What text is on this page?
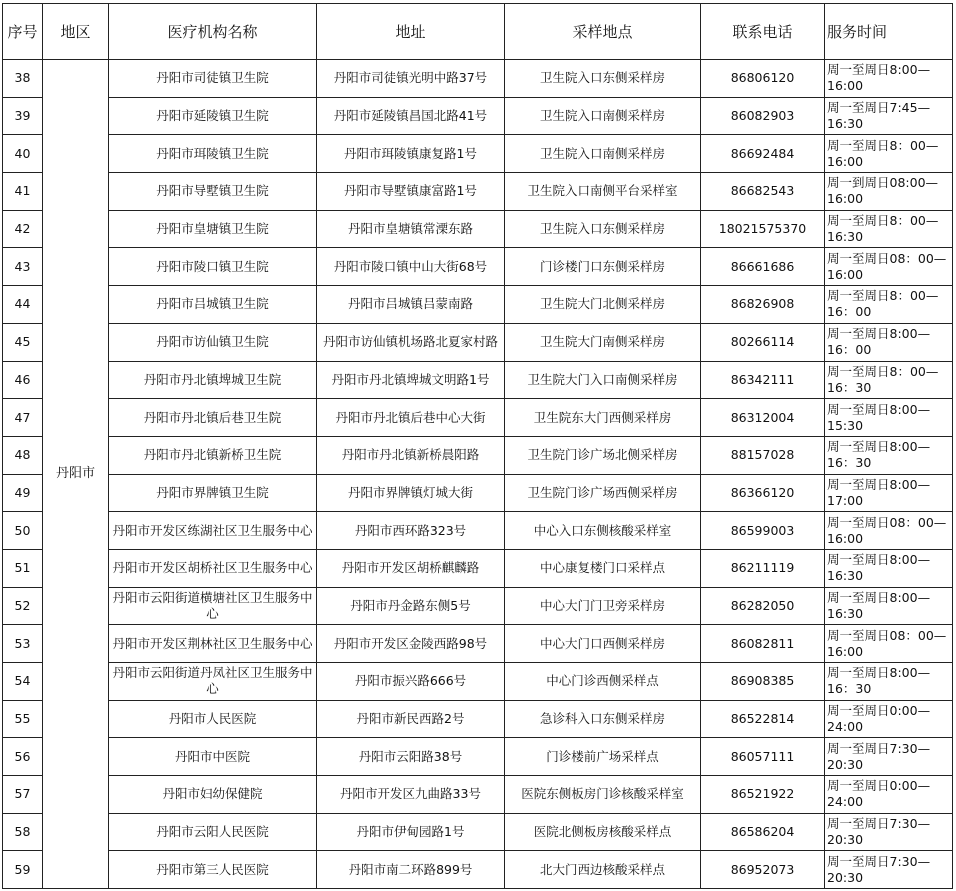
序号	地区	医疗机构名称	地址	采样地点	联系电话	服务时间
38	丹阳市	丹阳市司徒镇卫生院	丹阳市司徒镇光明中路37号	卫生院入口东侧采样房	86806120	周一至周日8:00—16:00
39		丹阳市延陵镇卫生院	丹阳市延陵镇昌国北路41号	卫生院入口南侧采样房	86082903	周一至周日7:45—16:30
40		丹阳市珥陵镇卫生院	丹阳市珥陵镇康复路1号	卫生院入口南侧采样房	86692484	周一至周日8：00—16:00
41		丹阳市导墅镇卫生院	丹阳市导墅镇康富路1号	卫生院入口南侧平台采样室	86682543	周一到周日08:00—16:00
42		丹阳市皇塘镇卫生院	丹阳市皇塘镇常溧东路	卫生院入口东侧采样房	18021575370	周一至周日8：00—16:30
43		丹阳市陵口镇卫生院	丹阳市陵口镇中山大街68号	门诊楼门口东侧采样房	86661686	周一至周日08：00—16:00
44		丹阳市吕城镇卫生院	丹阳市吕城镇吕蒙南路	卫生院大门北侧采样房	86826908	周一至周日8：00—16：00
45		丹阳市访仙镇卫生院	丹阳市访仙镇机场路北夏家村路	卫生院大门南侧采样房	80266114	周一至周日8:00—16：00
46		丹阳市丹北镇埤城卫生院	丹阳市丹北镇埤城文明路1号	卫生院大门入口南侧采样房	86342111	周一至周日8：00—16：30
47		丹阳市丹北镇后巷卫生院	丹阳市丹北镇后巷中心大街	卫生院东大门西侧采样房	86312004	周一至周日8:00—15:30
48		丹阳市丹北镇新桥卫生院	丹阳市丹北镇新桥晨阳路	卫生院门诊广场北侧采样房	88157028	周一至周日8:00—16：30
49		丹阳市界牌镇卫生院	丹阳市界牌镇灯城大街	卫生院门诊广场西侧采样房	86366120	周一至周日8:00—17:00
50		丹阳市开发区练湖社区卫生服务中心	丹阳市西环路323号	中心入口东侧核酸采样室	86599003	周一至周日08：00—16:00
51		丹阳市开发区胡桥社区卫生服务中心	丹阳市开发区胡桥麒麟路	中心康复楼门口采样点	86211119	周一至周日8:00—16:30
52		丹阳市云阳街道横塘社区卫生服务中心	丹阳市丹金路东侧5号	中心大门门卫旁采样房	86282050	周一至周日8:00—16:30
53		丹阳市开发区荆林社区卫生服务中心	丹阳市开发区金陵西路98号	中心大门口西侧采样房	86082811	周一至周日08：00—16:00
54		丹阳市云阳街道丹凤社区卫生服务中心	丹阳市振兴路666号	中心门诊西侧采样点	86908385	周一至周日8:00—16：30
55		丹阳市人民医院	丹阳市新民西路2号	急诊科入口东侧采样房	86522814	周一至周日0:00—24:00
56		丹阳市中医院	丹阳市云阳路38号	门诊楼前广场采样点	86057111	周一至周日7:30—20:30
57		丹阳市妇幼保健院	丹阳市开发区九曲路33号	医院东侧板房门诊核酸采样室	86521922	周一至周日0:00—24:00
58		丹阳市云阳人民医院	丹阳市伊甸园路1号	医院北侧板房核酸采样点	86586204	周一至周日7:30—20:30
59		丹阳市第三人民医院	丹阳市南二环路899号	北大门西边核酸采样点	86952073	周一至周日7:30—20:30
